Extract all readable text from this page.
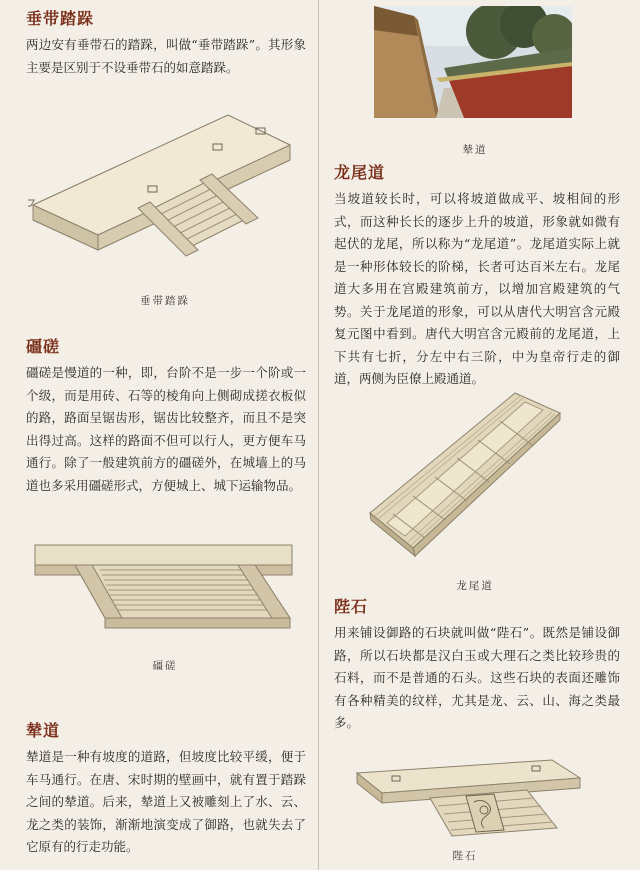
垂带踏跺
两边安有垂带石的踏跺，叫做“垂带踏跺”。其形象主要是区别于不设垂带石的如意踏跺。
垂带踏跺
礓磋
礓磋是慢道的一种，即，台阶不是一步一个阶或一个级，而是用砖、石等的棱角向上侧砌成搓衣板似的路，路面呈锯齿形，锯齿比较整齐，而且不是突出得过高。这样的路面不但可以行人，更方便车马通行。除了一般建筑前方的礓磋外，在城墙上的马道也多采用礓磋形式，方便城上、城下运输物品。
礓磋
辇道
辇道是一种有坡度的道路，但坡度比较平缓，便于车马通行。在唐、宋时期的壁画中，就有置于踏跺之间的辇道。后来，辇道上又被雕刻上了水、云、龙之类的装饰，渐渐地演变成了御路，也就失去了它原有的行走功能。
辇道
龙尾道
当坡道较长时，可以将坡道做成平、坡相间的形式，而这种长长的逐步上升的坡道，形象就如微有起伏的龙尾，所以称为“龙尾道”。龙尾道实际上就是一种形体较长的阶梯，长者可达百米左右。龙尾道大多用在宫殿建筑前方，以增加宫殿建筑的气势。关于龙尾道的形象，可以从唐代大明宫含元殿复元图中看到。唐代大明宫含元殿前的龙尾道，上下共有七折，分左中右三阶，中为皇帝行走的御道，两侧为臣僚上殿通道。
龙尾道
陛石
用来铺设御路的石块就叫做“陛石”。既然是铺设御路，所以石块都是汉白玉或大理石之类比较珍贵的石料，而不是普通的石头。这些石块的表面还雕饰有各种精美的纹样，尤其是龙、云、山、海之类最多。
陛石
